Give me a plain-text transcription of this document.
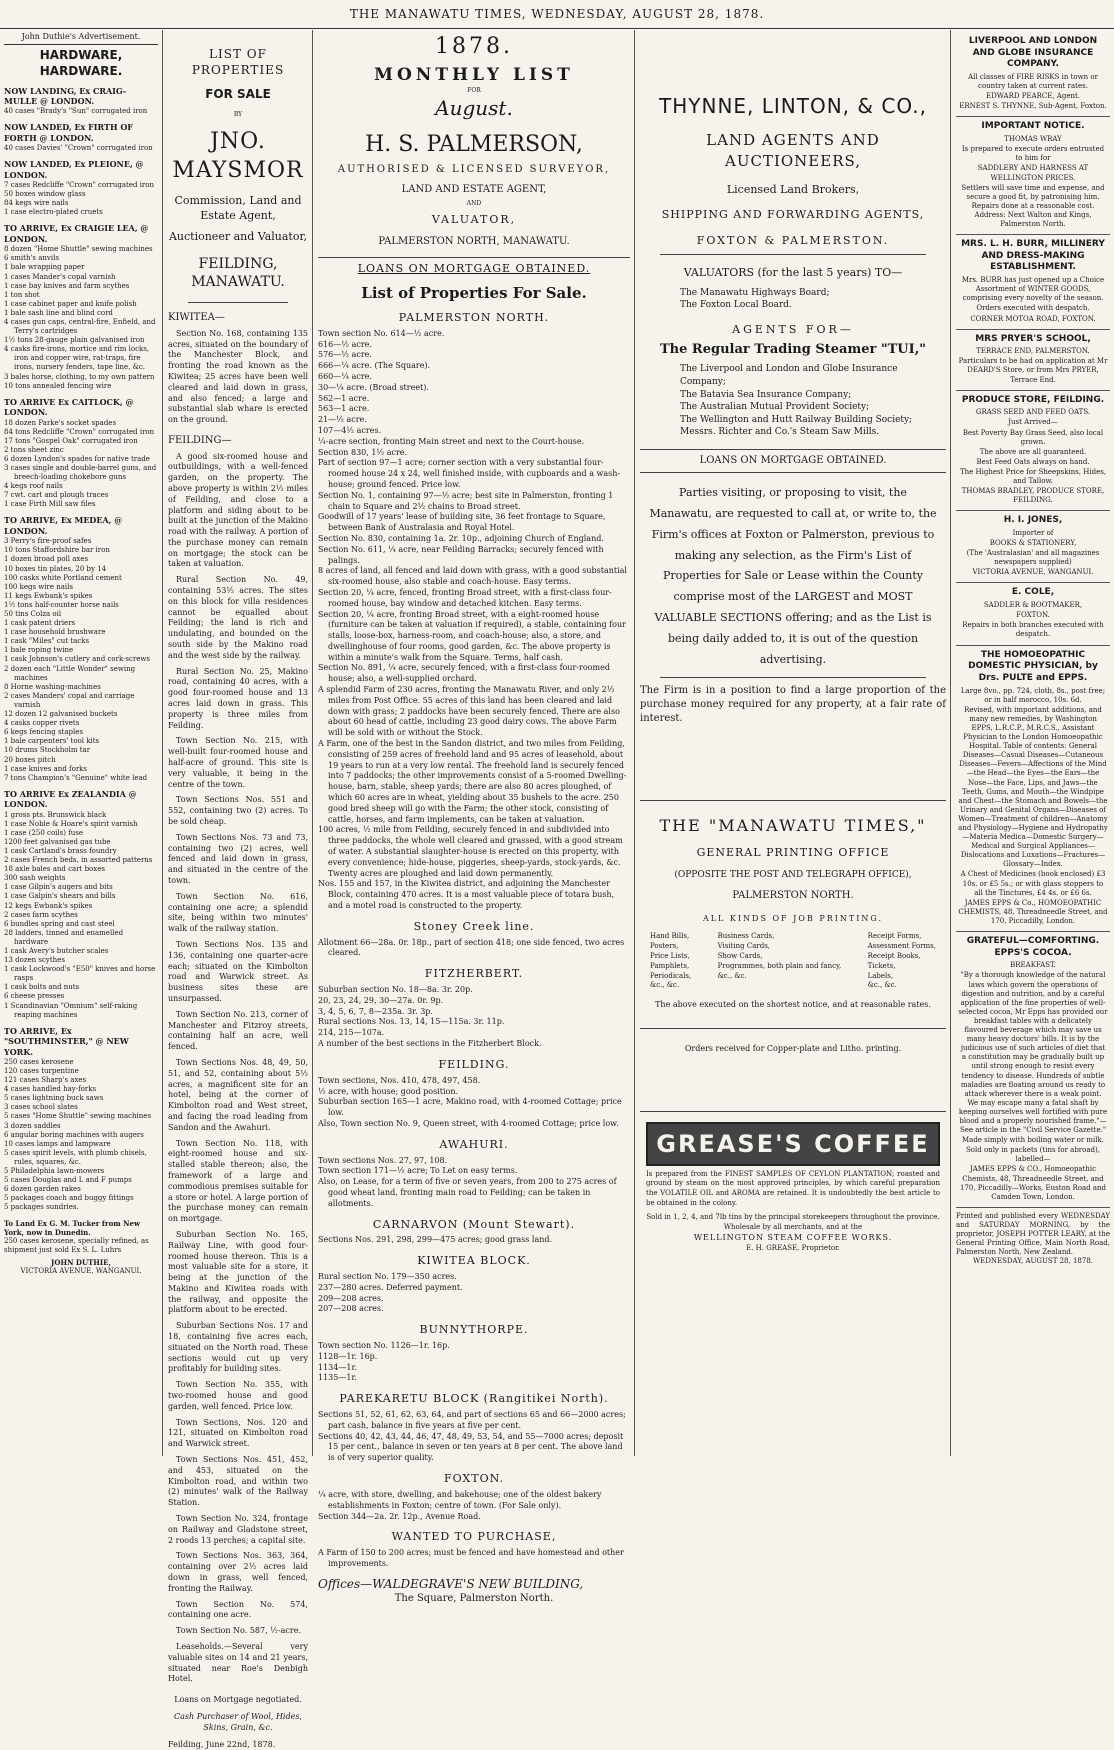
THE MANAWATU TIMES, WEDNESDAY, AUGUST 28, 1878.
John Duthie's Advertisement.
HARDWARE, HARDWARE.
NOW LANDING, Ex CRAIG-MULLE @ LONDON.
40 cases "Brady's "Sun" corrugated iron
NOW LANDED, Ex FIRTH OF FORTH @ LONDON.
40 cases Davies' "Crown" corrugated iron
NOW LANDED, Ex PLEIONE, @ LONDON.
7 cases Redcliffe "Crown" corrugated iron
50 boxes window glass
84 kegs wire nails
1 case electro-plated cruets
TO ARRIVE, Ex CRAIGIE LEA, @ LONDON.
8 dozen "Home Shuttle" sewing machines
6 smith's anvils
1 bale wrapping paper
1 cases Mander's copal varnish
1 case bay knives and farm scythes
1 ton shot
1 case cabinet paper and knife polish
1 bale sash line and blind cord
4 cases gun caps, central-fire, Enfield, and Terry's cartridges
1½ tons 28-gauge plain galvanised iron
4 casks fire-irons, mortice and rim locks, iron and copper wire, rat-traps, fire irons, nursery fenders, tape line, &c.
3 bales horse, clothing, to my own pattern
10 tons annealed fencing wire
TO ARRIVE Ex CAITLOCK, @ LONDON.
18 dozen Parke's socket spades
84 tons Redcliffe "Crown" corrugated iron
17 tons "Gospel Oak" corrugated iron
2 tons sheet zinc
6 dozen Lyndon's spades for native trade
3 cases single and double-barrel guns, and breech-loading chokebore guns
4 kegs roof nails
7 cwt. cart and plough traces
1 case Firth Mill saw files
TO ARRIVE, Ex MEDEA, @ LONDON.
3 Perry's fire-proof safes
10 tons Staffordshire bar iron
1 dozen broad poll axes
10 boxes tin plates, 20 by 14
100 casks white Portland cement
100 kegs wire nails
11 kegs Ewbank's spikes
1½ tons half-counter horse nails
50 tins Colza oil
1 cask patent driers
1 case household brushware
1 cask "Miles" cut tacks
1 bale roping twine
1 cask Johnson's cutlery and cork-screws
2 dozen each "Little Wonder" sewing machines
8 Horne washing-machines
2 cases Manders' copal and carriage varnish
12 dozen 12 galvanised buckets
4 casks copper rivets
6 kegs fencing staples
1 bale carpenters' tool kits
10 drums Stockholm tar
20 boxes pitch
1 case knives and forks
7 tons Champion's "Genuine" white lead
TO ARRIVE Ex ZEALANDIA @ LONDON.
1 gross pts. Brunswick black
1 case Noble & Hoare's spirit varnish
1 case (250 coils) fuse
1200 feet galvanised gas tube
1 cask Cartland's brass foundry
2 cases French beds, in assorted patterns
18 axle bales and cart boxes
300 sash weights
1 case Gilpin's augers and bits
1 case Galpin's shears and bills
12 kegs Ewbank's spikes
2 cases farm scythes
6 bundles spring and cast steel
28 ladders, tinned and enamelled hardware
1 cask Avery's butcher scales
13 dozen scythes
1 cask Lockwood's "E50" knives and horse rasps
1 cask bolts and nuts
6 cheese presses
1 Scandinavian "Omnium" self-raking reaping machines
TO ARRIVE, Ex "SOUTHMINSTER," @ NEW YORK.
250 cases kerosene
120 cases turpentine
121 cases Sharp's axes
4 cases handled hay-forks
5 cases lightning buck saws
3 cases school slates
5 cases "Home Shuttle" sewing machines
3 dozen saddles
6 angular boring machines with augers
10 cases lamps and lampware
5 cases spirit levels, with plumb chisels, rules, squares, &c.
5 Philadelphia lawn-mowers
5 cases Douglas and L and F pumps
6 dozen garden rakes
5 packages coach and buggy fittings
5 packages sundries.
To Land Ex G. M. Tucker from New York, now in Dunedin.
250 cases kerosene, specially refined, as shipment just sold Ex S. L. Luhrs
JOHN DUTHIE,
VICTORIA AVENUE, WANGANUI.
LIST OF PROPERTIES
FOR SALE
BY
JNO. MAYSMOR
Commission, Land and Estate Agent,
Auctioneer and Valuator,
FEILDING, MANAWATU.
KIWITEA—

Section No. 168, containing 135 acres, situated on the boundary of the Manchester Block, and fronting the road known as the Kiwitea; 25 acres have been well cleared and laid down in grass, and also fenced; a large and substantial slab whare is erected on the ground.

FEILDING—

A good six-roomed house and outbuildings, with a well-fenced garden, on the property. The above property is within 2½ miles of Feilding, and close to a platform and siding about to be built at the junction of the Makino road with the railway. A portion of the purchase money can remain on mortgage; the stock can be taken at valuation.

Rural Section No. 49, containing 53½ acres. The sites on this block for villa residences cannot be equalled about Feilding; the land is rich and undulating, and bounded on the south side by the Makino road and the west side by the railway.

Rural Section No. 25, Makino road, containing 40 acres, with a good four-roomed house and 13 acres laid down in grass. This property is three miles from Feilding.

Town Section No. 215, with well-built four-roomed house and half-acre of ground. This site is very valuable, it being in the centre of the town.

Town Sections Nos. 551 and 552, containing two (2) acres. To be sold cheap.

Town Sections Nos. 73 and 73, containing two (2) acres, well fenced and laid down in grass, and situated in the centre of the town.

Town Section No. 616, containing one acre; a splendid site, being within two minutes' walk of the railway station.

Town Sections Nos. 135 and 136, containing one quarter-acre each; situated on the Kimbolton road and Warwick street. As business sites these are unsurpassed.

Town Section No. 213, corner of Manchester and Fitzroy streets, containing half an acre, well fenced.

Town Sections Nos. 48, 49, 50, 51, and 52, containing about 5½ acres, a magnificent site for an hotel, being at the corner of Kimbolton road and West street, and facing the road leading from Sandon and the Awahuri.

Town Section No. 118, with eight-roomed house and six-stalled stable thereon; also, the framework of a large and commodious premises suitable for a store or hotel. A large portion of the purchase money can remain on mortgage.

Suburban Section No. 165, Railway Line, with good four-roomed house thereon. This is a most valuable site for a store, it being at the junction of the Makino and Kiwitea roads with the railway, and opposite the platform about to be erected.

Suburban Sections Nos. 17 and 18, containing five acres each, situated on the North road. These sections would cut up very profitably for building sites.

Town Section No. 355, with two-roomed house and good garden, well fenced. Price low.

Town Sections, Nos. 120 and 121, situated on Kimbolton road and Warwick street.

Town Sections Nos. 451, 452, and 453, situated on the Kimbolton road, and within two (2) minutes' walk of the Railway Station.

Town Section No. 324, frontage on Railway and Gladstone street, 2 roods 13 perches; a capital site.

Town Sections Nos. 363, 364, containing over 2½ acres laid down in grass, well fenced, fronting the Railway.

Town Section No. 574, containing one acre.

Town Section No. 587, ½-acre.

Leaseholds.—Several very valuable sites on 14 and 21 years, situated near Roe's Denbigh Hotel.

Loans on Mortgage negotiated.
Cash Purchaser of Wool, Hides, Skins, Grain, &c.
Feilding, June 22nd, 1878.
1878.
MONTHLY LIST
FOR
August.
H. S. PALMERSON,
AUTHORISED & LICENSED SURVEYOR,
LAND AND ESTATE AGENT,
AND
VALUATOR,
PALMERSTON NORTH, MANAWATU.
LOANS ON MORTGAGE OBTAINED.
List of Properties For Sale.
PALMERSTON NORTH.
Town section No. 614—½ acre.
616—½ acre.
576—½ acre.
666—¼ acre. (The Square).
660—¼ acre.
30—¼ acre. (Broad street).
562—1 acre.
563—1 acre.
21—½ acre.
107—4½ acres.
¼-acre section, fronting Main street and next to the Court-house.
Section 830, 1½ acre.
Part of section 97—1 acre; corner section with a very substantial four-roomed house 24 x 24, well finished inside, with cupboards and a wash-house; ground fenced. Price low.
Section No. 1, containing 97—½ acre; best site in Palmerston, fronting 1 chain to Square and 2½ chains to Broad street.
Goodwill of 17 years' lease of building site, 36 feet frontage to Square, between Bank of Australasia and Royal Hotel.
Section No. 830, containing 1a. 2r. 10p., adjoining Church of England.
Section No. 611, ¼ acre, near Feilding Barracks; securely fenced with palings.
8 acres of land, all fenced and laid down with grass, with a good substantial six-roomed house, also stable and coach-house. Easy terms.
Section 20, ¼ acre, fenced, fronting Broad street, with a first-class four-roomed house, bay window and detached kitchen. Easy terms.
Section 20, ¼ acre, fronting Broad street, with a eight-roomed house (furniture can be taken at valuation if required), a stable, containing four stalls, loose-box, harness-room, and coach-house; also, a store, and dwellinghouse of four rooms, good garden, &c. The above property is within a minute's walk from the Square. Terms, half cash.
Section No. 891, ¼ acre, securely fenced, with a first-class four-roomed house; also, a well-supplied orchard.
A splendid Farm of 230 acres, fronting the Manawatu River, and only 2½ miles from Post Office. 55 acres of this land has been cleared and laid down with grass; 2 paddocks have been securely fenced. There are also about 60 head of cattle, including 23 good dairy cows. The above Farm will be sold with or without the Stock.
A Farm, one of the best in the Sandon district, and two miles from Feilding, consisting of 259 acres of freehold land and 95 acres of leasehold, about 19 years to run at a very low rental. The freehold land is securely fenced into 7 paddocks; the other improvements consist of a 5-roomed Dwelling-house, barn, stable, sheep yards; there are also 80 acres ploughed, of which 60 acres are in wheat, yielding about 35 bushels to the acre. 250 good bred sheep will go with the Farm; the other stock, consisting of cattle, horses, and farm implements, can be taken at valuation.
100 acres, ½ mile from Feilding, securely fenced in and subdivided into three paddocks, the whole well cleared and grassed, with a good stream of water. A substantial slaughter-house is erected on this property, with every convenience; hide-house, piggeries, sheep-yards, stock-yards, &c. Twenty acres are ploughed and laid down permanently.
Nos. 155 and 157, in the Kiwitea district, and adjoining the Manchester Block, containing 470 acres. It is a most valuable piece of totara bush, and a motel road is constructed to the property.
Stoney Creek line.
Allotment 66—28a. 0r. 18p., part of section 418; one side fenced, two acres cleared.
FITZHERBERT.
Suburban section No. 18—8a. 3r. 20p.
20, 23, 24, 29, 30—27a. 0r. 9p.
3, 4, 5, 6, 7, 8—235a. 3r. 3p.
Rural sections Nos. 13, 14, 15—115a. 3r. 11p.
214, 215—107a.
A number of the best sections in the Fitzherbert Block.
FEILDING.
Town sections, Nos. 410, 478, 497, 458.
½ acre, with house; good position.
Suburban section 165—1 acre, Makino road, with 4-roomed Cottage; price low.
Also, Town section No. 9, Queen street, with 4-roomed Cottage; price low.
AWAHURI.
Town sections Nos. 27, 97, 108.
Town section 171—½ acre; To Let on easy terms.
Also, on Lease, for a term of five or seven years, from 200 to 275 acres of good wheat land, fronting main road to Feilding; can be taken in allotments.
CARNARVON (Mount Stewart).
Sections Nos. 291, 298, 299—475 acres; good grass land.
KIWITEA BLOCK.
Rural section No. 179—350 acres.
237—280 acres. Deferred payment.
209—208 acres.
207—208 acres.
BUNNYTHORPE.
Town section No. 1126—1r. 16p.
1128—1r. 16p.
1134—1r.
1135—1r.
PAREKARETU BLOCK (Rangitikei North).
Sections 51, 52, 61, 62, 63, 64, and part of sections 65 and 66—2000 acres; part cash, balance in five years at five per cent.
Sections 40, 42, 43, 44, 46, 47, 48, 49, 53, 54, and 55—7000 acres; deposit 15 per cent., balance in seven or ten years at 8 per cent. The above land is of very superior quality.
FOXTON.
¼ acre, with store, dwelling, and bakehouse; one of the oldest bakery establishments in Foxton; centre of town. (For Sale only).
Section 344—2a. 2r. 12p., Avenue Road.
WANTED TO PURCHASE,
A Farm of 150 to 200 acres; must be fenced and have homestead and other improvements.
Offices—WALDEGRAVE'S NEW BUILDING,
The Square, Palmerston North.
THYNNE, LINTON, & CO.,
LAND AGENTS AND AUCTIONEERS,
Licensed Land Brokers,
SHIPPING AND FORWARDING AGENTS,
FOXTON & PALMERSTON.
VALUATORS (for the last 5 years) TO—
The Manawatu Highways Board;
The Foxton Local Board.
AGENTS FOR—
The Regular Trading Steamer "TUI,"
The Liverpool and London and Globe Insurance Company;
The Batavia Sea Insurance Company;
The Australian Mutual Provident Society;
The Wellington and Hutt Railway Building Society;
Messrs. Richter and Co.'s Steam Saw Mills.
LOANS ON MORTGAGE OBTAINED.
Parties visiting, or proposing to visit, the Manawatu, are requested to call at, or write to, the Firm's offices at Foxton or Palmerston, previous to making any selection, as the Firm's List of Properties for Sale or Lease within the County comprise most of the LARGEST and MOST VALUABLE SECTIONS offering; and as the List is being daily added to, it is out of the question advertising.
The Firm is in a position to find a large proportion of the purchase money required for any property, at a fair rate of interest.
THE "MANAWATU TIMES,"
GENERAL PRINTING OFFICE
(OPPOSITE THE POST AND TELEGRAPH OFFICE),
PALMERSTON NORTH.
ALL KINDS OF JOB PRINTING.
Hand Bills,
Posters,
Price Lists,
Pamphlets,
Periodicals,
&c., &c.
Business Cards,
Visiting Cards,
Show Cards,
Programmes, both plain and fancy,
&c., &c.
Receipt Forms,
Assessment Forms,
Receipt Books,
Tickets,
Labels,
&c., &c.
The above executed on the shortest notice, and at reasonable rates.
Orders received for Copper-plate and Litho. printing.
GREASE'S COFFEE
Is prepared from the FINEST SAMPLES OF CEYLON PLANTATION; roasted and ground by steam on the most approved principles, by which careful preparation the VOLATILE OIL and AROMA are retained. It is undoubtedly the best article to be obtained in the colony.
Sold in 1, 2, 4, and 7lb tins by the principal storekeepers throughout the province.
Wholesale by all merchants, and at the
WELLINGTON STEAM COFFEE WORKS.
E. H. GREASE, Proprietor.
LIVERPOOL AND LONDON AND GLOBE INSURANCE COMPANY.
All classes of FIRE RISKS in town or country taken at current rates.
EDWARD PEARCE, Agent.
ERNEST S. THYNNE, Sub-Agent, Foxton.
IMPORTANT NOTICE.
THOMAS WRAY
Is prepared to execute orders entrusted to him for
SADDLERY AND HARNESS AT WELLINGTON PRICES.
Settlers will save time and expense, and secure a good fit, by patronising him. Repairs done at a reasonable cost. Address: Next Walton and Kings, Palmerston North.
MRS. L. H. BURR, MILLINERY AND DRESS-MAKING ESTABLISHMENT.
Mrs. BURR has just opened up a Choice Assortment of WINTER GOODS, comprising every novelty of the season.
Orders executed with despatch.
CORNER MOTOA ROAD, FOXTON.
MRS PRYER'S SCHOOL,
TERRACE END, PALMERSTON.
Particulars to be had on application at Mr DEARD'S Store, or from Mrs PRYER, Terrace End.
PRODUCE STORE, FEILDING.
GRASS SEED AND FEED OATS.
Just Arrived—
Best Poverty Bay Grass Seed, also local grown.
The above are all guaranteed.
Best Feed Oats always on hand.
The Highest Price for Sheepskins, Hides, and Tallow.
THOMAS BRADLEY, PRODUCE STORE, FEILDING.
H. I. JONES,
Importer of
BOOKS & STATIONERY,
(The 'Australasian' and all magazines newspapers supplied)
VICTORIA AVENUE, WANGANUI.
E. COLE,
SADDLER & BOOTMAKER,
FOXTON.
Repairs in both branches executed with despatch.
THE HOMOEOPATHIC DOMESTIC PHYSICIAN, by Drs. PULTE and EPPS.
Large 8vo., pp. 724, cloth, 8s., post free; or in half morocco, 10s. 6d.
Revised, with important additions, and many new remedies, by Washington EPPS, L.R.C.P., M.R.C.S., Assistant Physician to the London Homoeopathic Hospital. Table of contents: General Diseases—Casual Diseases—Cutaneous Diseases—Fevers—Affections of the Mind—the Head—the Eyes—the Ears—the Nose—the Face, Lips, and Jaws—the Teeth, Gums, and Mouth—the Windpipe and Chest—the Stomach and Bowels—the Urinary and Genital Organs—Diseases of Women—Treatment of children—Anatomy and Physiology—Hygiene and Hydropathy—Materia Medica—Domestic Surgery—Medical and Surgical Appliances—Dislocations and Luxations—Fractures—Glossary—Index.
A Chest of Medicines (book enclosed) £3 10s. or £5 5s.; or with glass stoppers to all the Tinctures, £4 4s. or £6 6s.
JAMES EPPS & Co., HOMOEOPATHIC CHEMISTS, 48, Threadneedle Street, and 170, Piccadilly, London.
GRATEFUL—COMFORTING. EPPS'S COCOA.
BREAKFAST.
"By a thorough knowledge of the natural laws which govern the operations of digestion and nutrition, and by a careful application of the fine properties of well-selected cocoa, Mr Epps has provided our breakfast tables with a delicately flavoured beverage which may save us many heavy doctors' bills. It is by the judicious use of such articles of diet that a constitution may be gradually built up until strong enough to resist every tendency to disease. Hundreds of subtle maladies are floating around us ready to attack wherever there is a weak point. We may escape many a fatal shaft by keeping ourselves well fortified with pure blood and a properly nourished frame."—See article in the "Civil Service Gazette."
Made simply with boiling water or milk.
Sold only in packets (tins for abroad), labelled—
JAMES EPPS & CO., Homoeopathic Chemists, 48, Threadneedle Street, and 170, Piccadilly—Works, Euston Road and Camden Town, London.
Printed and published every WEDNESDAY and SATURDAY MORNING, by the proprietor, JOSEPH POTTER LEARY, at the General Printing Office, Main North Road, Palmerston North, New Zealand.
WEDNESDAY, AUGUST 28, 1878.
